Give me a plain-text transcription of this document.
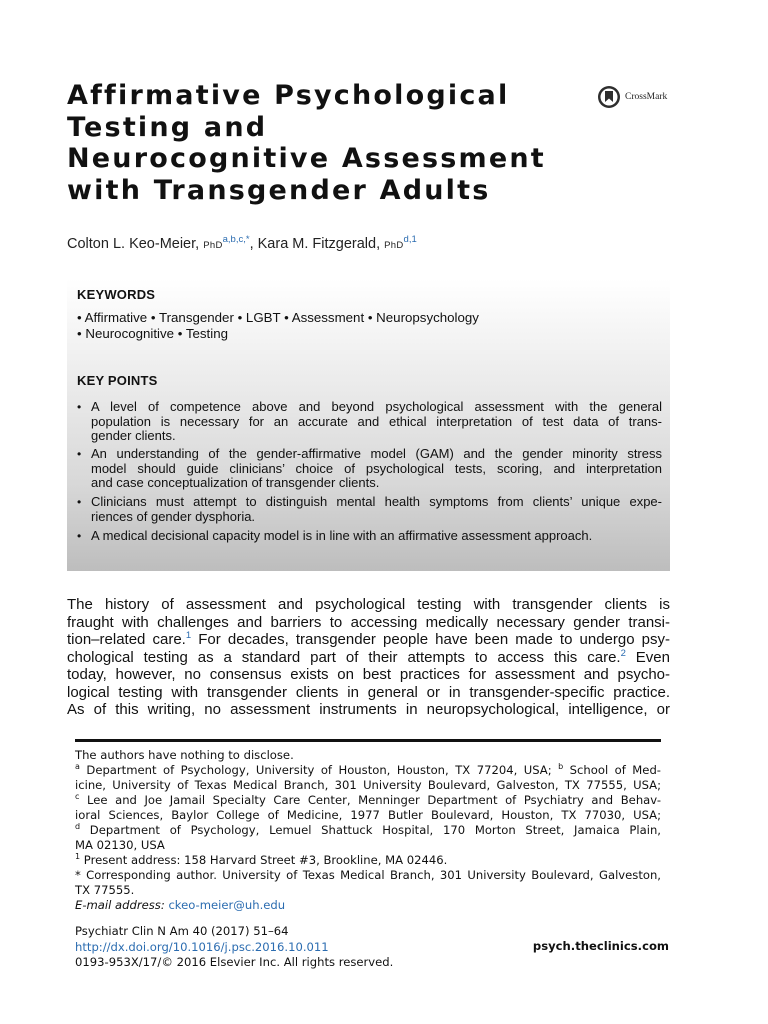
Affirmative Psychological
Testing and
Neurocognitive Assessment
with Transgender Adults
CrossMark
Colton L. Keo-Meier, PhD$^{a,b,c,*}$, Kara M. Fitzgerald, PhD$^{d,1}$
KEYWORDS
• Affirmative • Transgender • LGBT • Assessment • Neuropsychology
• Neurocognitive • Testing
KEY POINTS
• A level of competence above and beyond psychological assessment with the general
population is necessary for an accurate and ethical interpretation of test data of trans-
gender clients.
• An understanding of the gender-affirmative model (GAM) and the gender minority stress
model should guide clinicians’ choice of psychological tests, scoring, and interpretation
and case conceptualization of transgender clients.
• Clinicians must attempt to distinguish mental health symptoms from clients’ unique expe-
riences of gender dysphoria.
• A medical decisional capacity model is in line with an affirmative assessment approach.
The history of assessment and psychological testing with transgender clients is
fraught with challenges and barriers to accessing medically necessary gender transi-
tion–related care.$^1$ For decades, transgender people have been made to undergo psy-
chological testing as a standard part of their attempts to access this care.$^2$ Even
today, however, no consensus exists on best practices for assessment and psycho-
logical testing with transgender clients in general or in transgender-specific practice.
As of this writing, no assessment instruments in neuropsychological, intelligence, or
The authors have nothing to disclose.
$^a$ Department of Psychology, University of Houston, Houston, TX 77204, USA; $^b$ School of Med-
icine, University of Texas Medical Branch, 301 University Boulevard, Galveston, TX 77555, USA;
$^c$ Lee and Joe Jamail Specialty Care Center, Menninger Department of Psychiatry and Behav-
ioral Sciences, Baylor College of Medicine, 1977 Butler Boulevard, Houston, TX 77030, USA;
$^d$ Department of Psychology, Lemuel Shattuck Hospital, 170 Morton Street, Jamaica Plain,
MA 02130, USA
$^1$ Present address: 158 Harvard Street #3, Brookline, MA 02446.
* Corresponding author. University of Texas Medical Branch, 301 University Boulevard, Galveston,
TX 77555.
E-mail address: ckeo-meier@uh.edu
Psychiatr Clin N Am 40 (2017) 51–64
http://dx.doi.org/10.1016/j.psc.2016.10.011
0193-953X/17/© 2016 Elsevier Inc. All rights reserved.
psych.theclinics.com
